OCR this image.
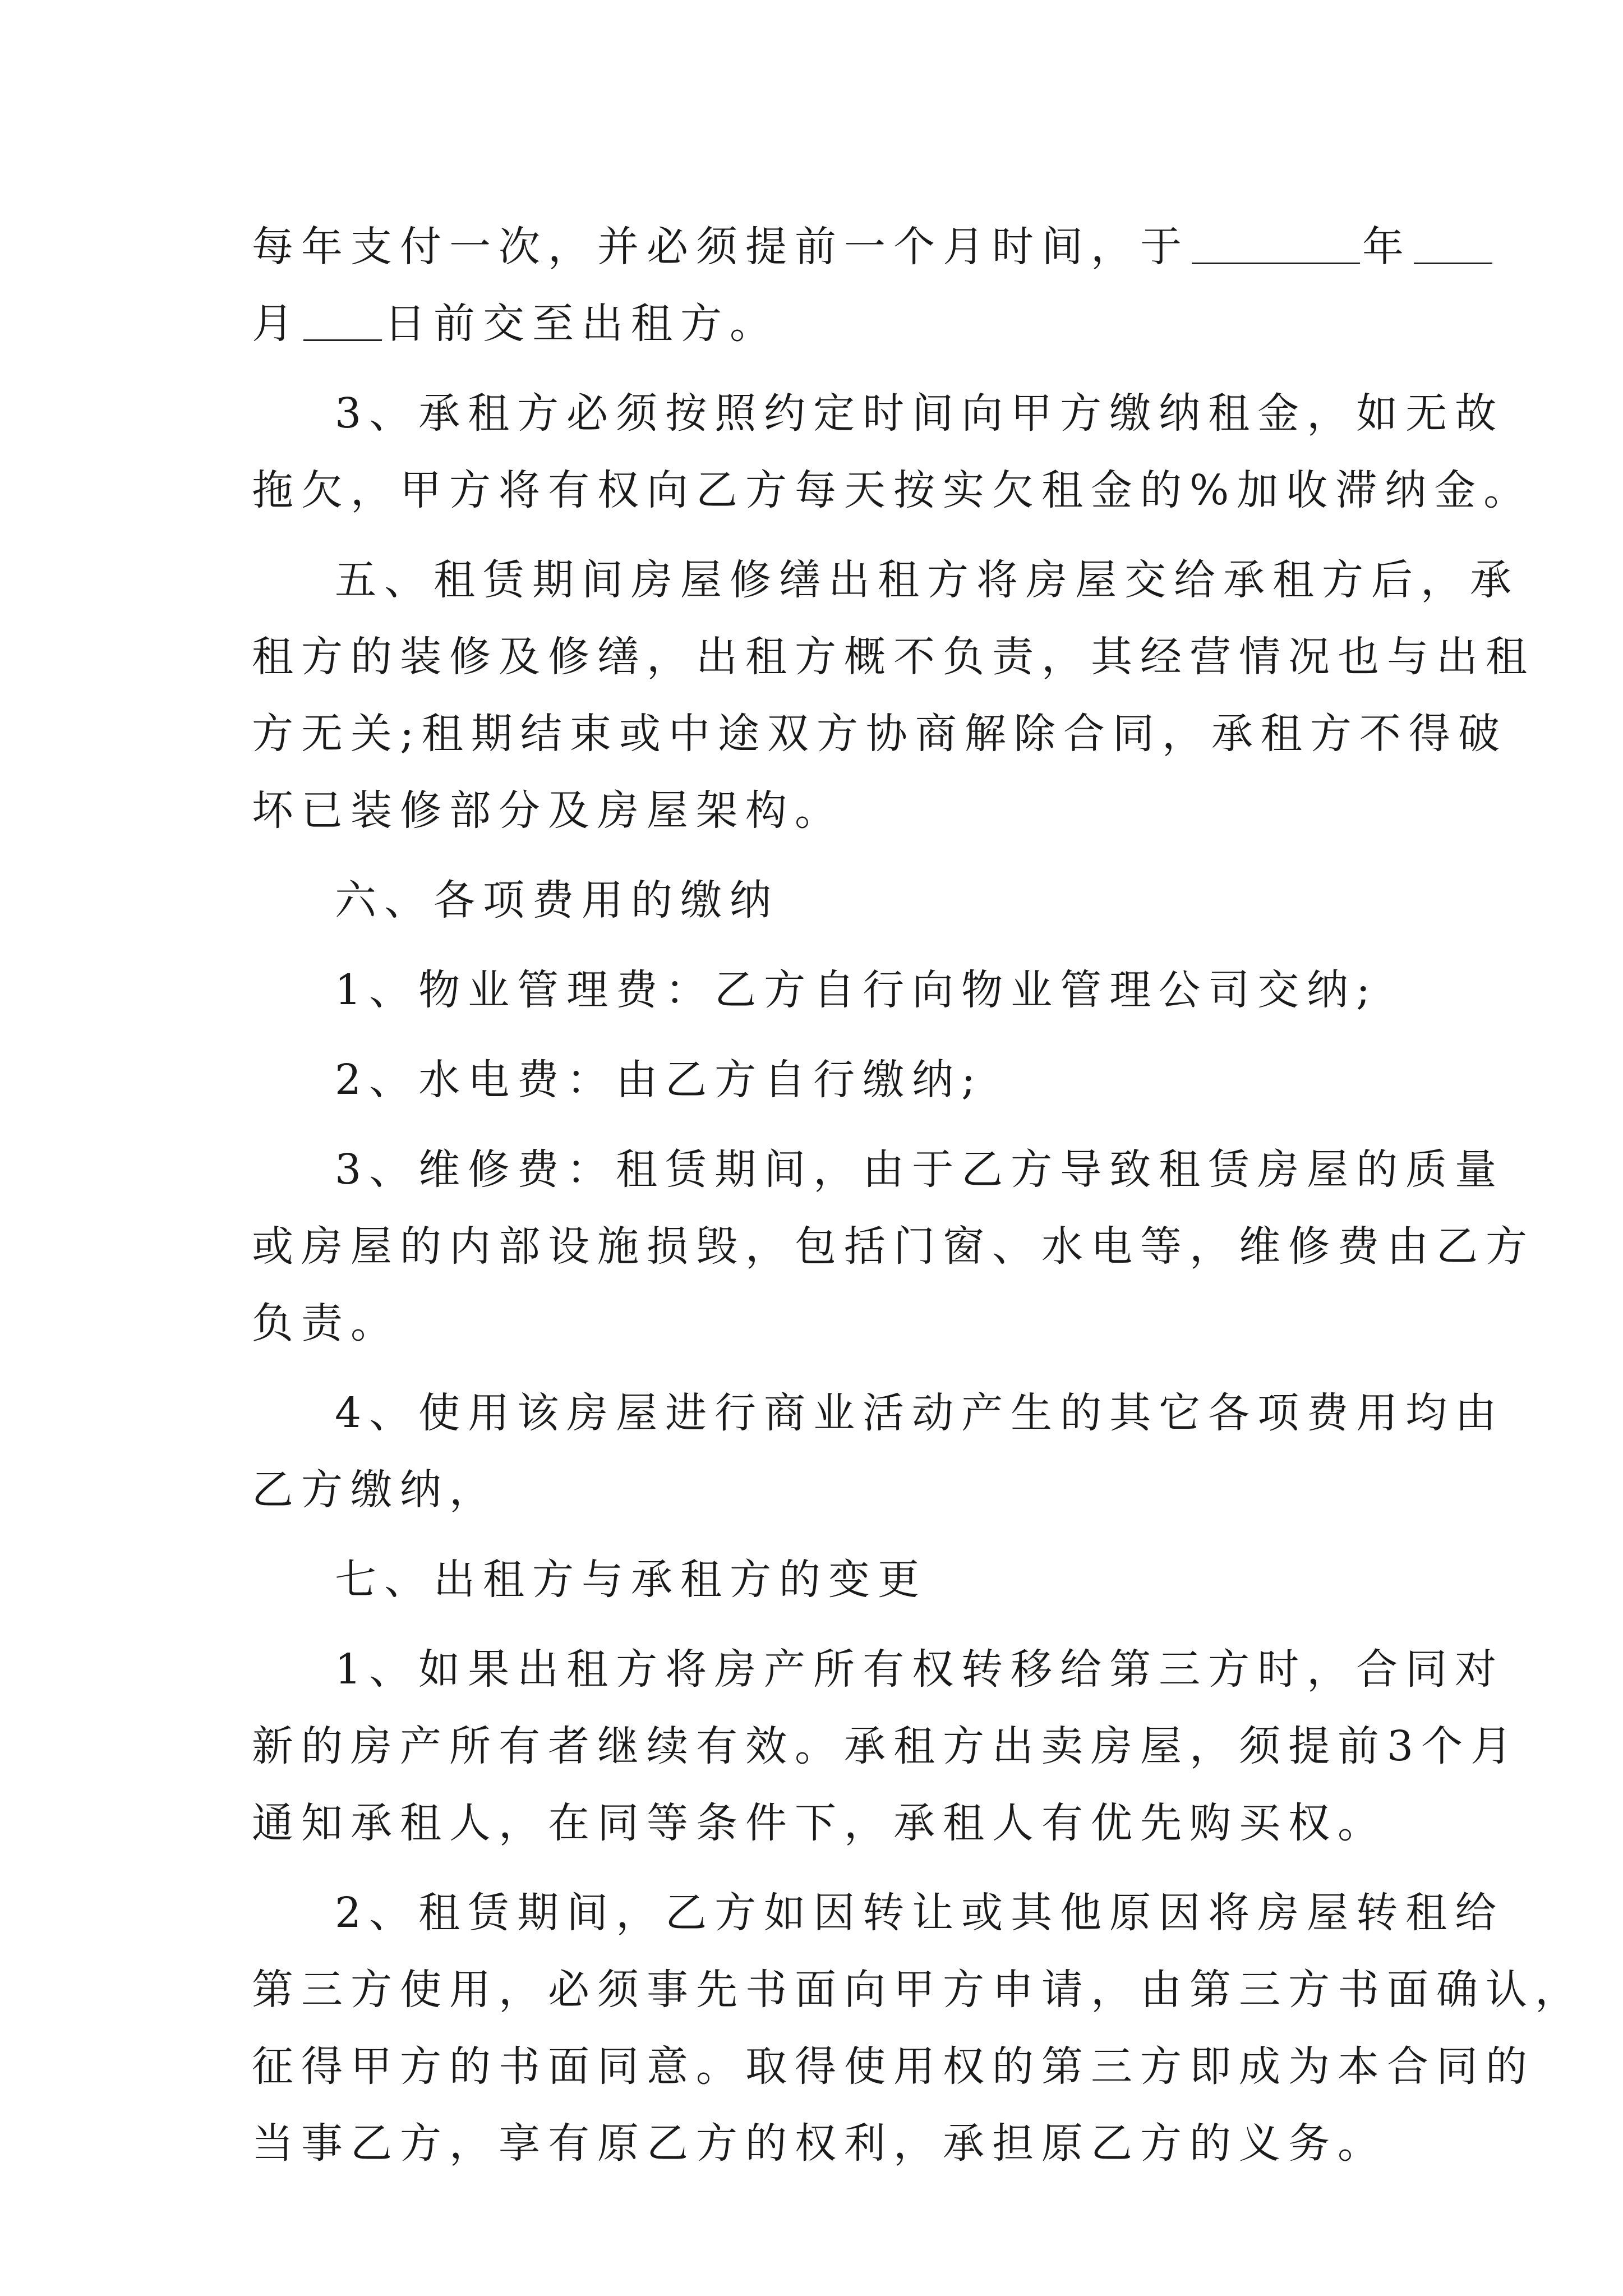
每年支付一次，并必须提前一个月时间，于	年
月 日前交至出租方。
3、承租方必须按照约定时间向甲方缴纳租金，如无故
拖欠，甲方将有权向乙方每天按实欠租金的%加收滞纳金。
五、租赁期间房屋修缮出租方将房屋交给承租方后，承
租方的装修及修缮，出租方概不负责，其经营情况也与出租
方无关;租期结束或中途双方协商解除合同，承租方不得破
坏已装修部分及房屋架构。
六、各项费用的缴纳
1、物业管理费：乙方自行向物业管理公司交纳;
2、水电费：由乙方自行缴纳;
3、维修费：租赁期间，由于乙方导致租赁房屋的质量
或房屋的内部设施损毁，包括门窗、水电等，维修费由乙方
负责。
4、使用该房屋进行商业活动产生的其它各项费用均由
乙方缴纳，
七、出租方与承租方的变更
1、如果出租方将房产所有权转移给第三方时，合同对
新的房产所有者继续有效。承租方出卖房屋，须提前3个月
通知承租人，在同等条件下，承租人有优先购买权。
2、租赁期间，乙方如因转让或其他原因将房屋转租给
第三方使用，必须事先书面向甲方申请，由第三方书面确认，
征得甲方的书面同意。取得使用权的第三方即成为本合同的
当事乙方，享有原乙方的权利，承担原乙方的义务。
